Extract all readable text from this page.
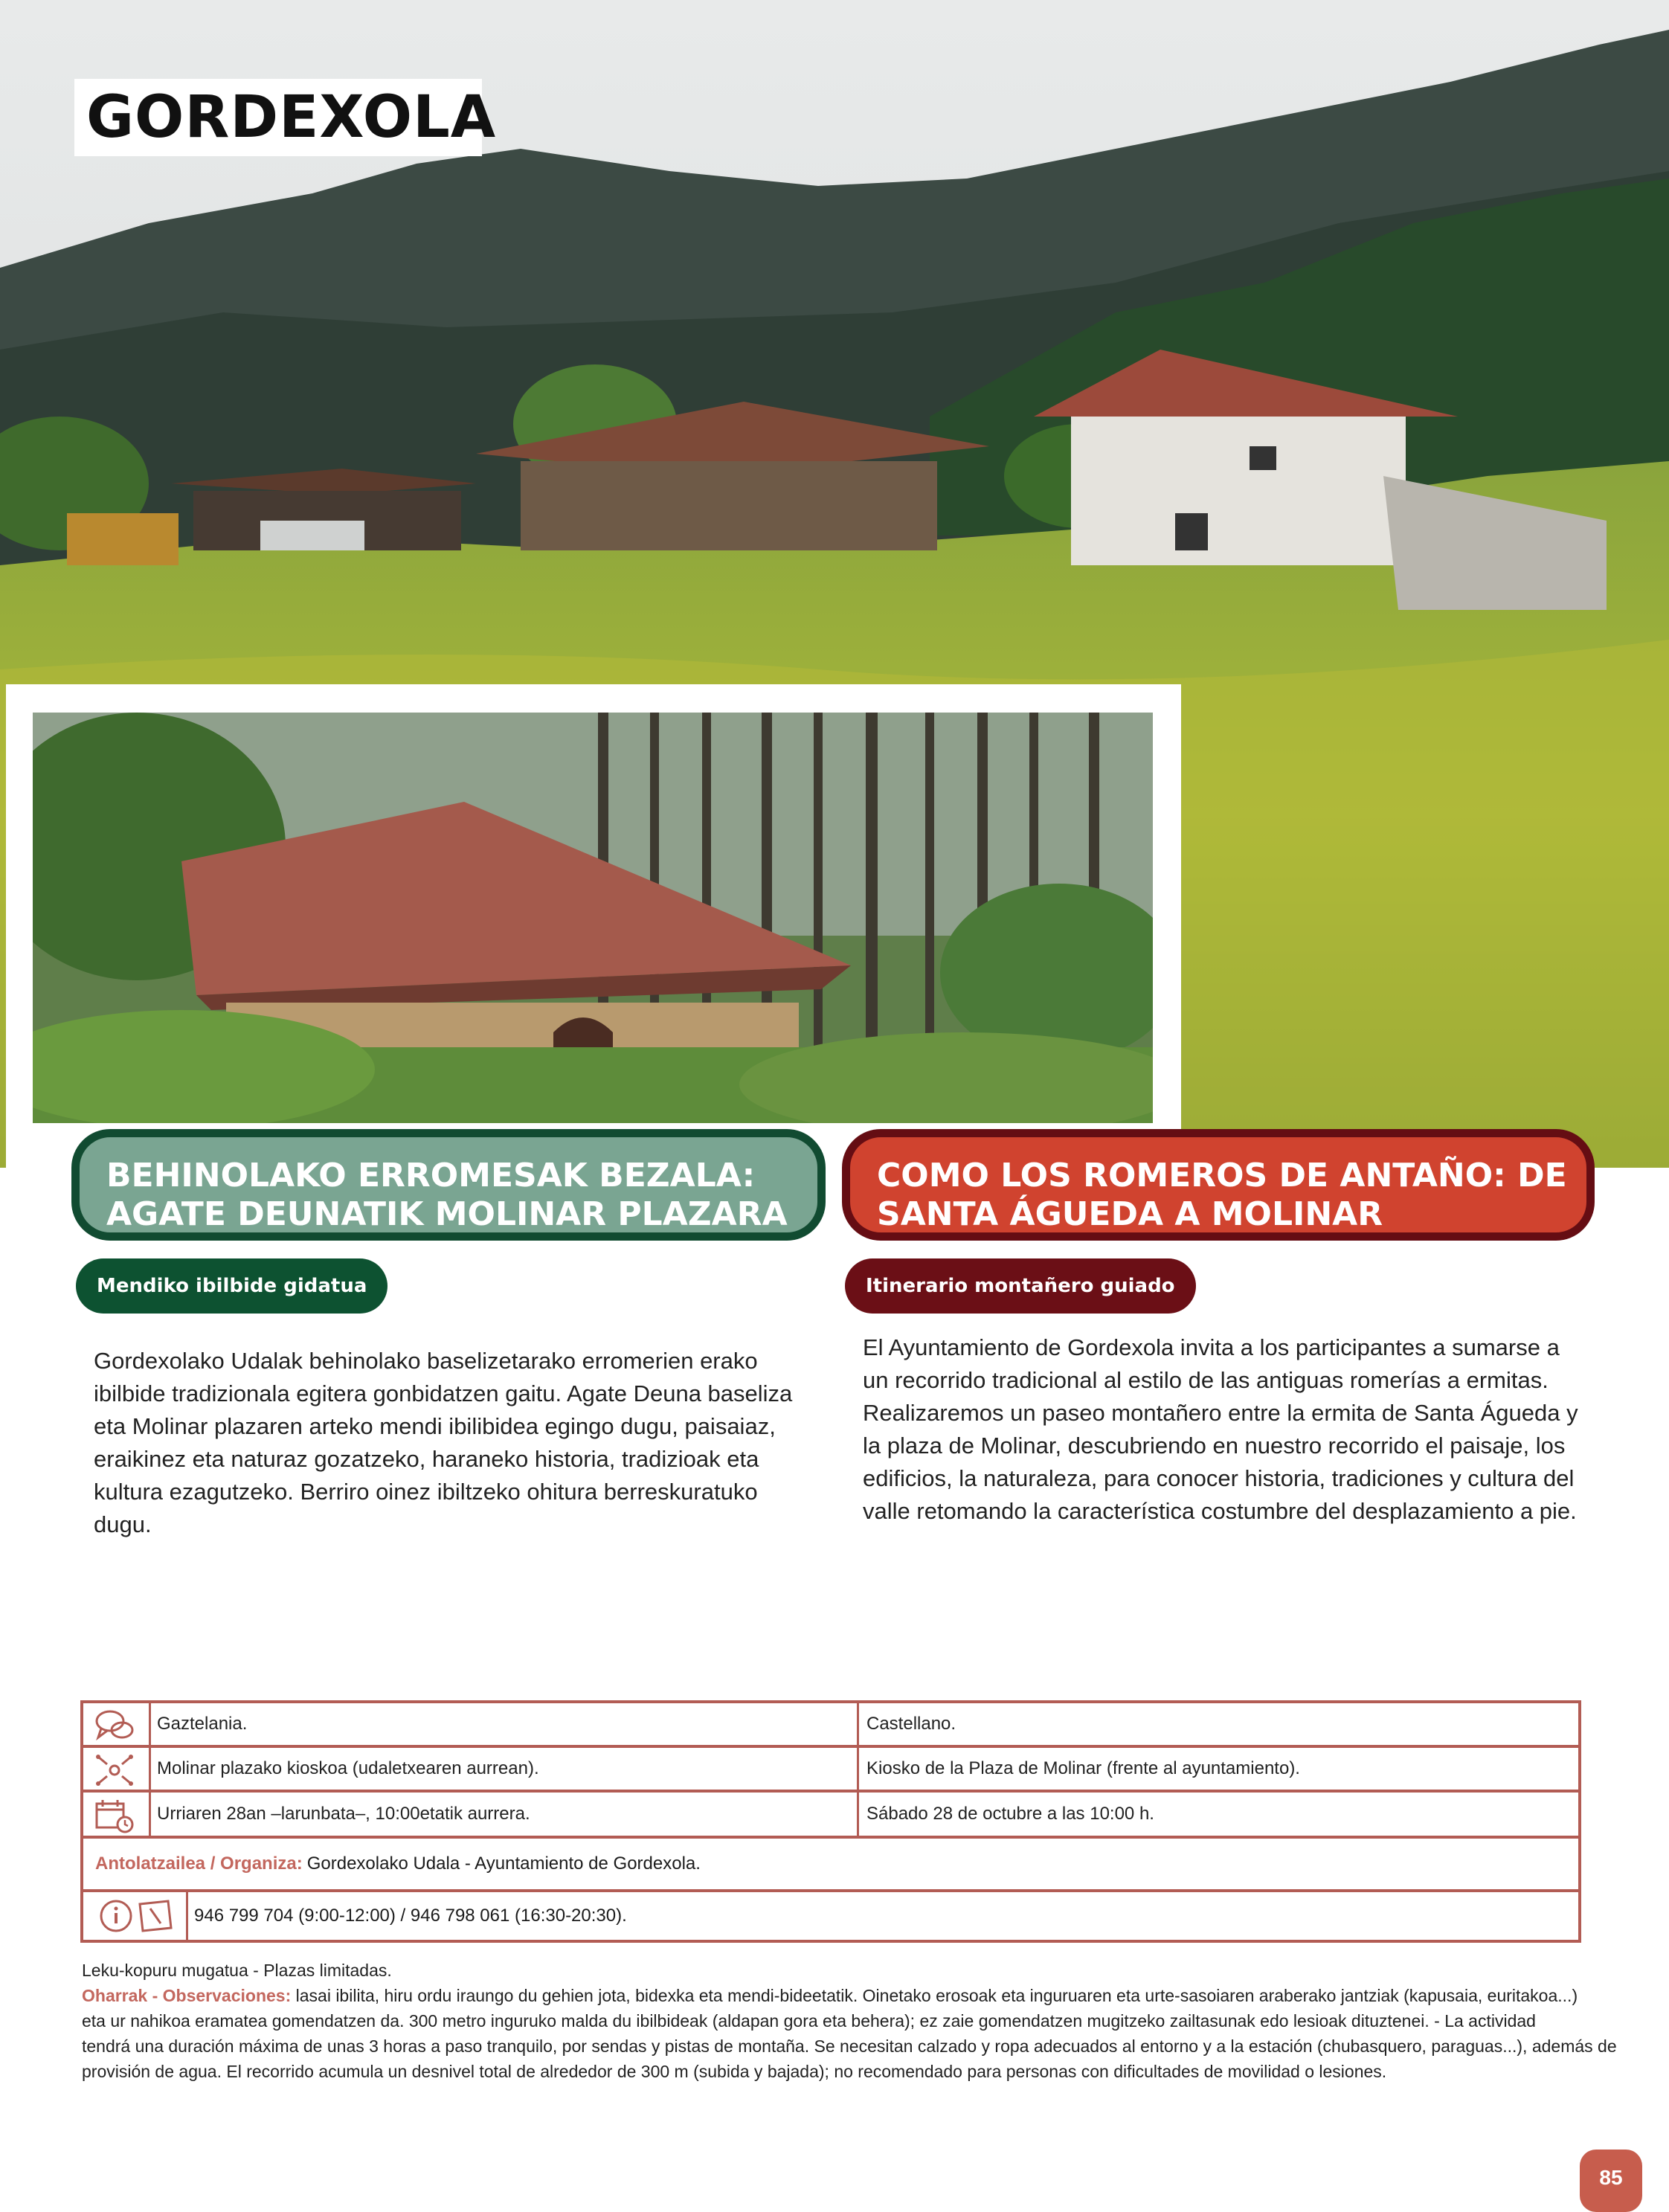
GORDEXOLA
BEHINOLAKO ERROMESAK BEZALA:
AGATE DEUNATIK MOLINAR PLAZARA
COMO LOS ROMEROS DE ANTAÑO: DE
SANTA ÁGUEDA A MOLINAR
Mendiko ibilbide gidatua	Itinerario montañero guiado
Gordexolako Udalak behinolako baselizetarako erromerien erako
ibilbide tradizionala egitera gonbidatzen gaitu. Agate Deuna baseliza
eta Molinar plazaren arteko mendi ibilibidea egingo dugu, paisaiaz,
eraikinez eta naturaz gozatzeko, haraneko historia, tradizioak eta
kultura ezagutzeko. Berriro oinez ibiltzeko ohitura berreskuratuko
dugu.
El Ayuntamiento de Gordexola invita a los participantes a sumarse a
un recorrido tradicional al estilo de las antiguas romerías a ermitas.
Realizaremos un paseo montañero entre la ermita de Santa Águeda y
la plaza de Molinar, descubriendo en nuestro recorrido el paisaje, los
edificios, la naturaleza, para conocer historia, tradiciones y cultura del
valle retomando la característica costumbre del desplazamiento a pie.
Gaztelania.	Castellano.
Molinar plazako kioskoa (udaletxearen aurrean).	Kiosko de la Plaza de Molinar (frente al ayuntamiento).
Urriaren 28an –larunbata–, 10:00etatik aurrera.	Sábado 28 de octubre a las 10:00 h.
Antolatzailea / Organiza: Gordexolako Udala - Ayuntamiento de Gordexola.
946 799 704 (9:00-12:00) / 946 798 061 (16:30-20:30).
Leku-kopuru mugatua - Plazas limitadas.
Oharrak - Observaciones: lasai ibilita, hiru ordu iraungo du gehien jota, bidexka eta mendi-bideetatik. Oinetako erosoak eta inguruaren eta urte-sasoiaren araberako jantziak (kapusaia, euritakoa...)
eta ur nahikoa eramatea gomendatzen da. 300 metro inguruko malda du ibilbideak (aldapan gora eta behera); ez zaie gomendatzen mugitzeko zailtasunak edo lesioak dituztenei. - La actividad
tendrá una duración máxima de unas 3 horas a paso tranquilo, por sendas y pistas de montaña. Se necesitan calzado y ropa adecuados al entorno y a la estación (chubasquero, paraguas...), además de
provisión de agua. El recorrido acumula un desnivel total de alrededor de 300 m (subida y bajada); no recomendado para personas con dificultades de movilidad o lesiones.
85
